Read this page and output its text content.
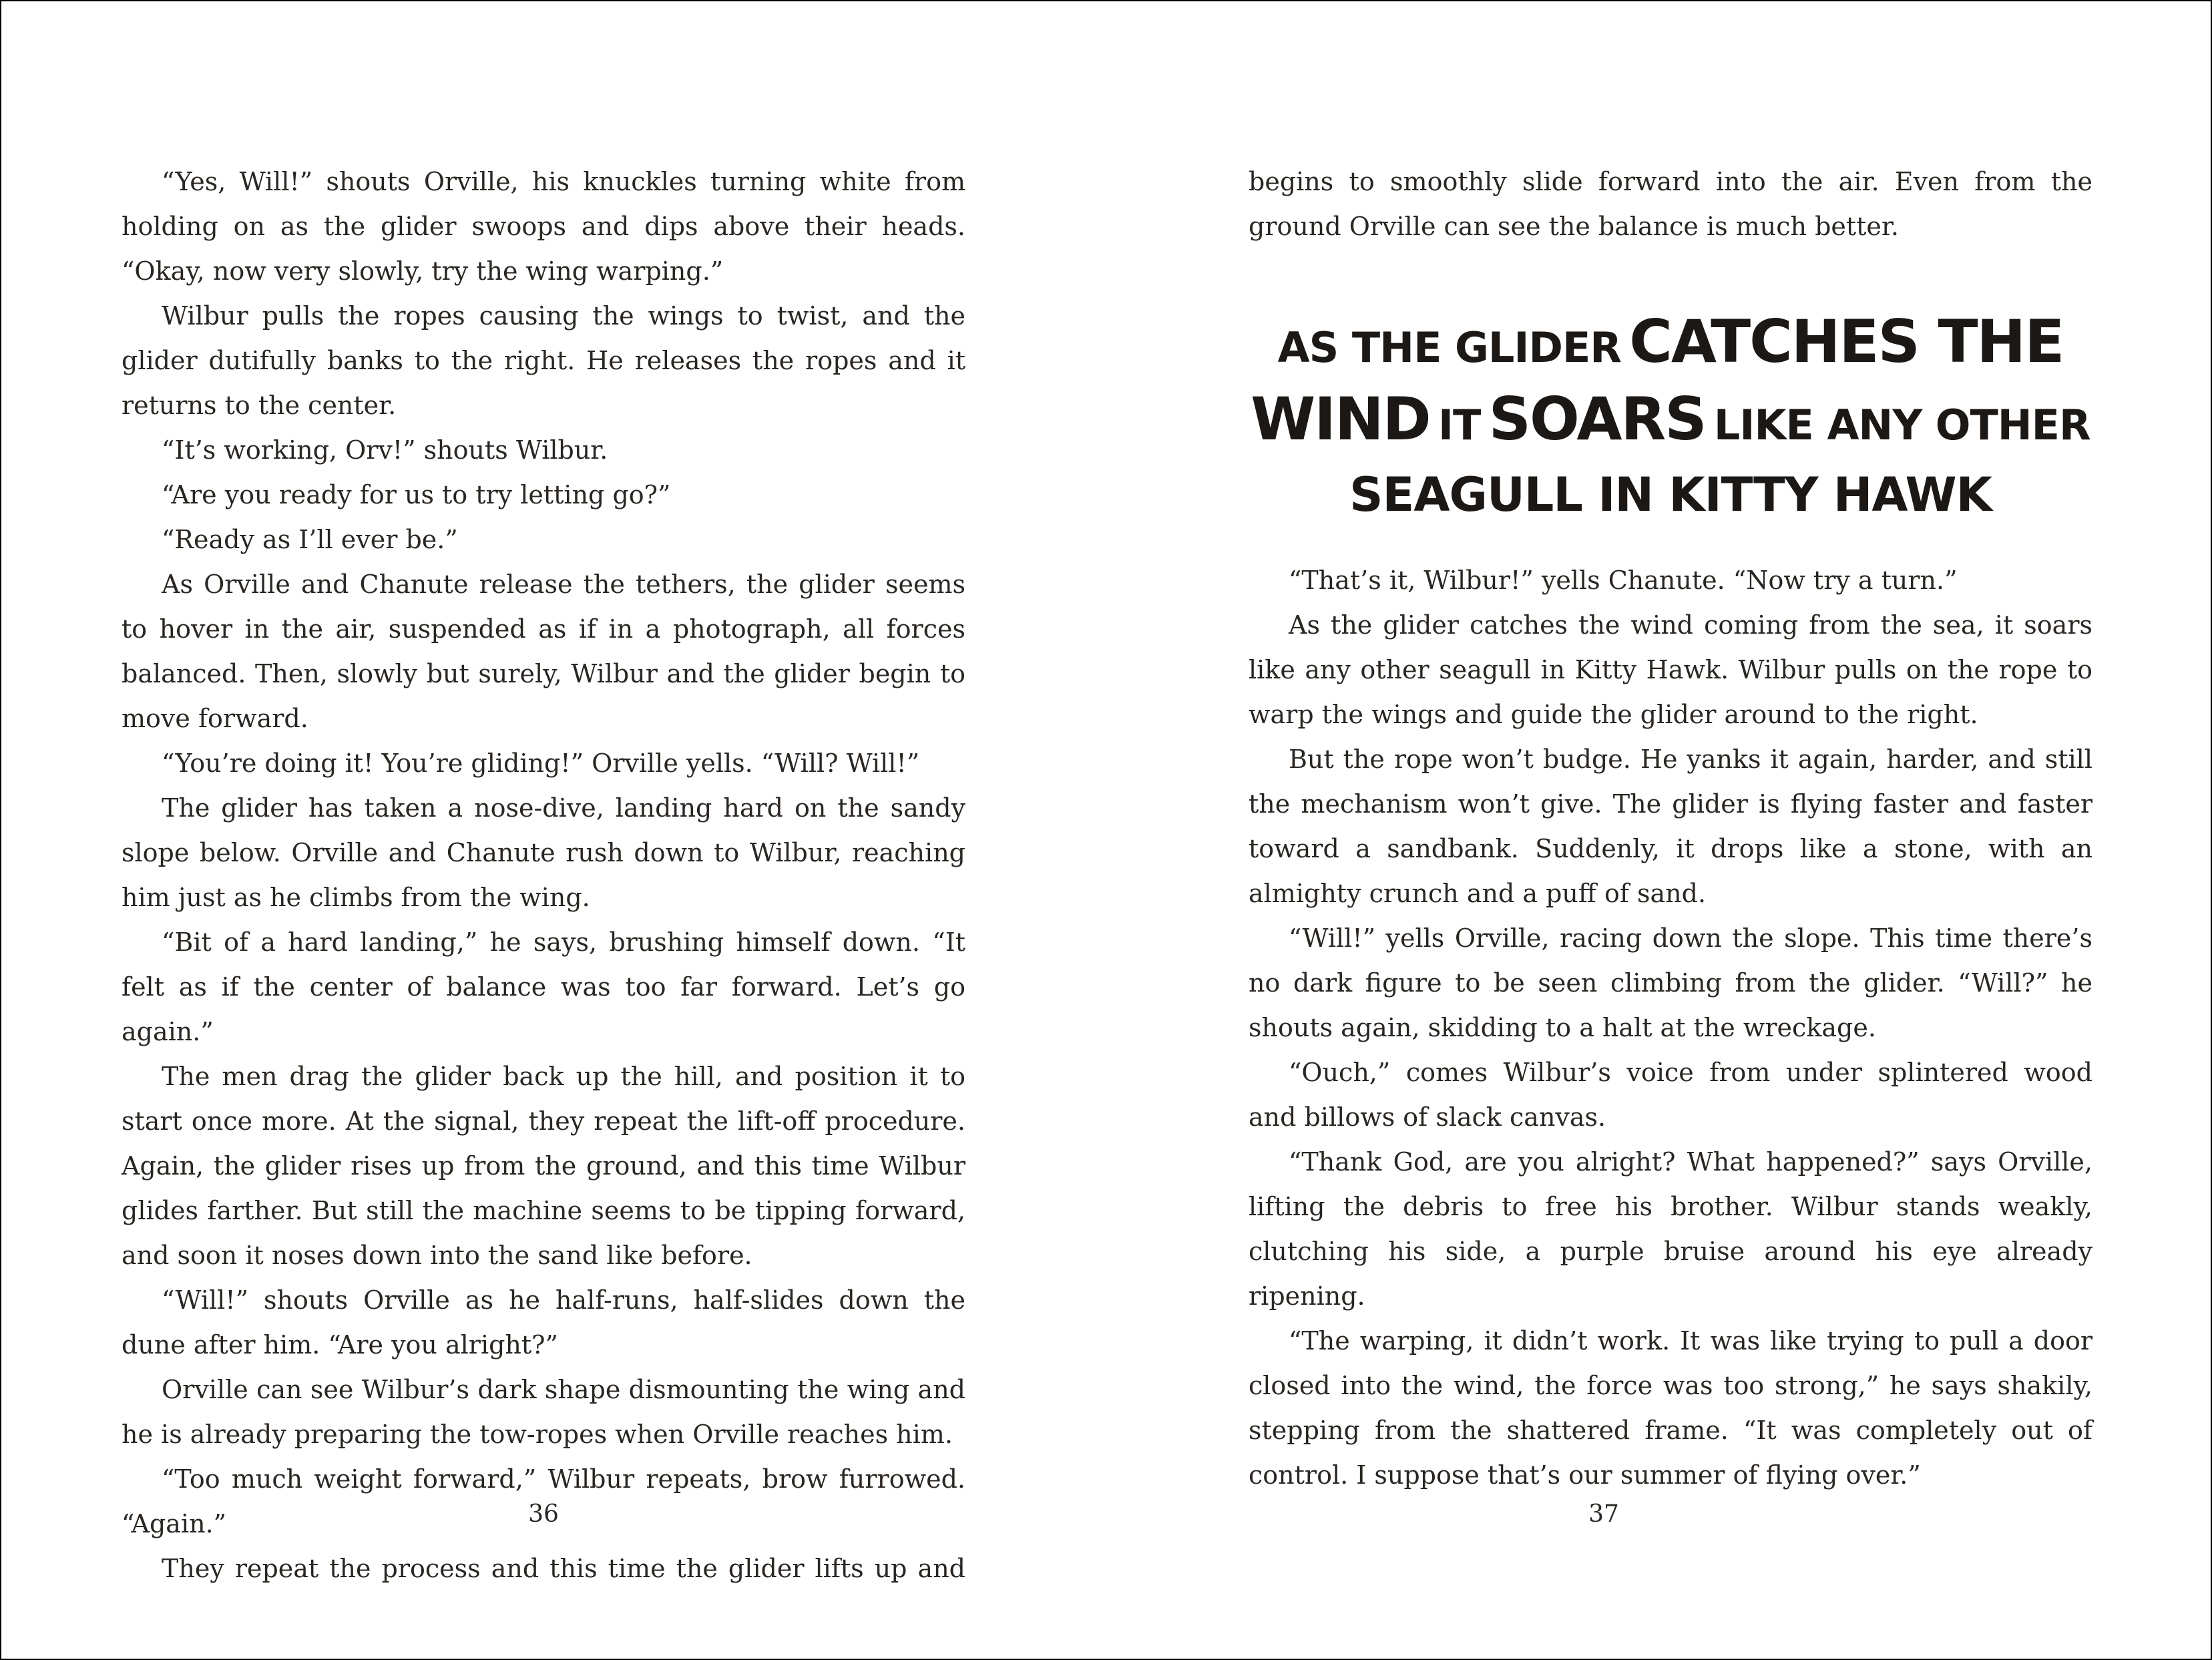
“Yes, Will!” shouts Orville, his knuckles turning white from holding on as the glider swoops and dips above their heads. “Okay, now very slowly, try the wing warping.”

Wilbur pulls the ropes causing the wings to twist, and the glider dutifully banks to the right. He releases the ropes and it returns to the center.

“It’s working, Orv!” shouts Wilbur.

“Are you ready for us to try letting go?”

“Ready as I’ll ever be.”

As Orville and Chanute release the tethers, the glider seems to hover in the air, suspended as if in a photograph, all forces balanced. Then, slowly but surely, Wilbur and the glider begin to move forward.

“You’re doing it! You’re gliding!” Orville yells. “Will? Will!”

The glider has taken a nose-dive, landing hard on the sandy slope below. Orville and Chanute rush down to Wilbur, reaching him just as he climbs from the wing.

“Bit of a hard landing,” he says, brushing himself down. “It felt as if the center of balance was too far forward. Let’s go again.”

The men drag the glider back up the hill, and position it to start once more. At the signal, they repeat the lift-off procedure. Again, the glider rises up from the ground, and this time Wilbur glides farther. But still the machine seems to be tipping forward, and soon it noses down into the sand like before.

“Will!” shouts Orville as he half-runs, half-slides down the dune after him. “Are you alright?”

Orville can see Wilbur’s dark shape dismounting the wing and he is already preparing the tow-ropes when Orville reaches him.

“Too much weight forward,” Wilbur repeats, brow furrowed. “Again.”

They repeat the process and this time the glider lifts up and

36

begins to smoothly slide forward into the air. Even from the ground Orville can see the balance is much better.

AS THE GLIDER CATCHES THE
WIND IT SOARS LIKE ANY OTHER
SEAGULL IN KITTY HAWK

“That’s it, Wilbur!” yells Chanute. “Now try a turn.”

As the glider catches the wind coming from the sea, it soars like any other seagull in Kitty Hawk. Wilbur pulls on the rope to warp the wings and guide the glider around to the right.

But the rope won’t budge. He yanks it again, harder, and still the mechanism won’t give. The glider is flying faster and faster toward a sandbank. Suddenly, it drops like a stone, with an almighty crunch and a puff of sand.

“Will!” yells Orville, racing down the slope. This time there’s no dark figure to be seen climbing from the glider. “Will?” he shouts again, skidding to a halt at the wreckage.

“Ouch,” comes Wilbur’s voice from under splintered wood and billows of slack canvas.

“Thank God, are you alright? What happened?” says Orville, lifting the debris to free his brother. Wilbur stands weakly, clutching his side, a purple bruise around his eye already ripening.

“The warping, it didn’t work. It was like trying to pull a door closed into the wind, the force was too strong,” he says shakily, stepping from the shattered frame. “It was completely out of control. I suppose that’s our summer of flying over.”

37
